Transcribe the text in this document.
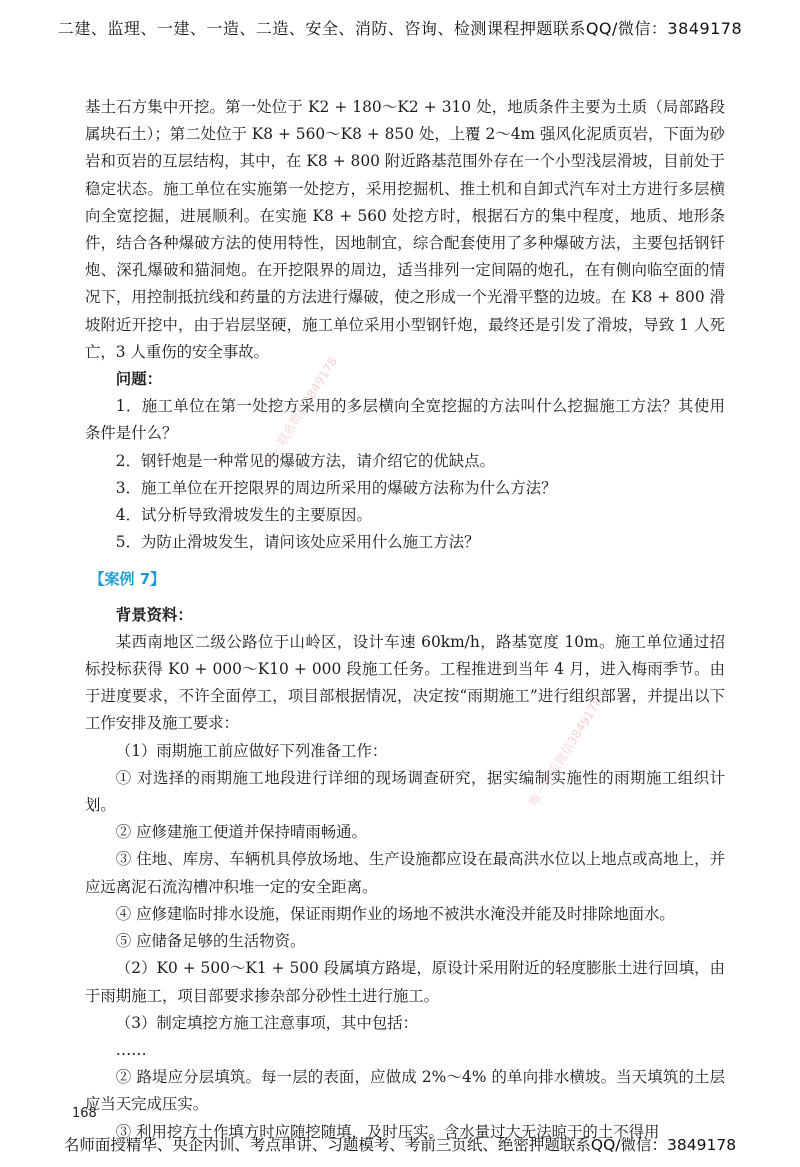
二建、监理、一建、一造、二造、安全、消防、咨询、检测课程押题联系QQ/微信：3849178

基土石方集中开挖。第一处位于 K2 + 180～K2 + 310 处，地质条件主要为土质（局部路段属块石土）；第二处位于 K8 + 560～K8 + 850 处，上覆 2～4m 强风化泥质页岩，下面为砂岩和页岩的互层结构，其中，在 K8 + 800 附近路基范围外存在一个小型浅层滑坡，目前处于稳定状态。施工单位在实施第一处挖方，采用挖掘机、推土机和自卸式汽车对土方进行多层横向全宽挖掘，进展顺利。在实施 K8 + 560 处挖方时，根据石方的集中程度，地质、地形条件，结合各种爆破方法的使用特性，因地制宜，综合配套使用了多种爆破方法，主要包括钢钎炮、深孔爆破和猫洞炮。在开挖限界的周边，适当排列一定间隔的炮孔，在有侧向临空面的情况下，用控制抵抗线和药量的方法进行爆破，使之形成一个光滑平整的边坡。在 K8 + 800 滑坡附近开挖中，由于岩层坚硬，施工单位采用小型钢钎炮，最终还是引发了滑坡，导致 1 人死亡，3 人重伤的安全事故。

问题：

1．施工单位在第一处挖方采用的多层横向全宽挖掘的方法叫什么挖掘施工方法？其使用条件是什么？

2．钢钎炮是一种常见的爆破方法，请介绍它的优缺点。

3．施工单位在开挖限界的周边所采用的爆破方法称为什么方法？

4．试分析导致滑坡发生的主要原因。

5．为防止滑坡发生，请问该处应采用什么施工方法？

【案例 7】

背景资料：

某西南地区二级公路位于山岭区，设计车速 60km/h，路基宽度 10m。施工单位通过招标投标获得 K0 + 000～K10 + 000 段施工任务。工程推进到当年 4 月，进入梅雨季节。由于进度要求，不许全面停工，项目部根据情况，决定按“雨期施工”进行组织部署，并提出以下工作安排及施工要求：

（1）雨期施工前应做好下列准备工作：

① 对选择的雨期施工地段进行详细的现场调查研究，据实编制实施性的雨期施工组织计划。

② 应修建施工便道并保持晴雨畅通。

③ 住地、库房、车辆机具停放场地、生产设施都应设在最高洪水位以上地点或高地上，并应远离泥石流沟槽冲积堆一定的安全距离。

④ 应修建临时排水设施，保证雨期作业的场地不被洪水淹没并能及时排除地面水。

⑤ 应储备足够的生活物资。

（2）K0 + 500～K1 + 500 段属填方路堤，原设计采用附近的轻度膨胀土进行回填，由于雨期施工，项目部要求掺杂部分砂性土进行施工。

（3）制定填挖方施工注意事项，其中包括：

……

② 路堤应分层填筑。每一层的表面，应做成 2%～4% 的单向排水横坡。当天填筑的土层应当天完成压实。

③ 利用挖方土作填方时应随挖随填，及时压实。含水量过大无法晾干的土不得用

唯一联系微信3849178
唯一联系微信3849178
168
名师面授精华、央企内训、考点串讲、习题模考、考前三页纸、绝密押题联系QQ/微信：3849178
